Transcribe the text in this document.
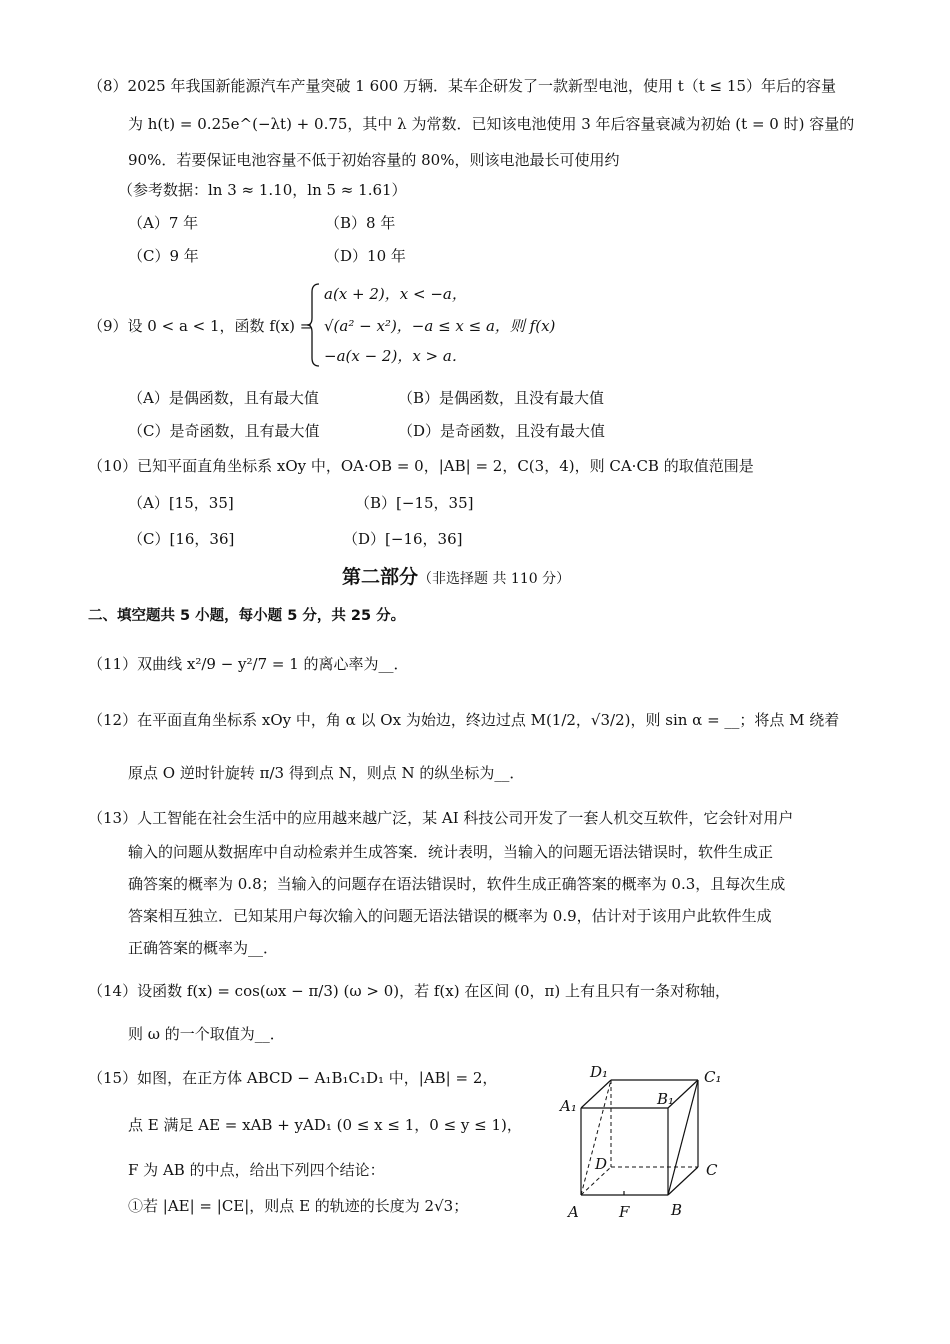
（8）2025 年我国新能源汽车产量突破 1 600 万辆．某车企研发了一款新型电池，使用 t（t ≤ 15）年后的容量
为 h(t) = 0.25e^(−λt) + 0.75，其中 λ 为常数．已知该电池使用 3 年后容量衰减为初始 (t = 0 时) 容量的
90%．若要保证电池容量不低于初始容量的 80%，则该电池最长可使用约
（参考数据：ln 3 ≈ 1.10，ln 5 ≈ 1.61）
（A）7 年	（B）8 年
（C）9 年	（D）10 年
（9）设 0 < a < 1，函数 f(x) =
a(x + 2)，x < −a，
√(a² − x²)，−a ≤ x ≤ a，则 f(x)
−a(x − 2)，x > a．
（A）是偶函数，且有最大值	（B）是偶函数，且没有最大值
（C）是奇函数，且有最大值	（D）是奇函数，且没有最大值
（10）已知平面直角坐标系 xOy 中，OA·OB = 0，|AB| = 2，C(3，4)，则 CA·CB 的取值范围是
（A）[15，35]	（B）[−15，35]
（C）[16，36]	（D）[−16，36]
第二部分（非选择题 共 110 分）
二、填空题共 5 小题，每小题 5 分，共 25 分。
（11）双曲线 x²/9 − y²/7 = 1 的离心率为__．
（12）在平面直角坐标系 xOy 中，角 α 以 Ox 为始边，终边过点 M(1/2，√3/2)，则 sin α = __；将点 M 绕着
原点 O 逆时针旋转 π/3 得到点 N，则点 N 的纵坐标为__．
（13）人工智能在社会生活中的应用越来越广泛，某 AI 科技公司开发了一套人机交互软件，它会针对用户
输入的问题从数据库中自动检索并生成答案．统计表明，当输入的问题无语法错误时，软件生成正
确答案的概率为 0.8；当输入的问题存在语法错误时，软件生成正确答案的概率为 0.3，且每次生成
答案相互独立．已知某用户每次输入的问题无语法错误的概率为 0.9，估计对于该用户此软件生成
正确答案的概率为__．
（14）设函数 f(x) = cos(ωx − π/3) (ω > 0)，若 f(x) 在区间 (0，π) 上有且只有一条对称轴，
则 ω 的一个取值为__．
（15）如图，在正方体 ABCD − A₁B₁C₁D₁ 中，|AB| = 2，
点 E 满足 AE = xAB + yAD₁ (0 ≤ x ≤ 1，0 ≤ y ≤ 1)，
F 为 AB 的中点，给出下列四个结论：
①若 |AE| = |CE|，则点 E 的轨迹的长度为 2√3；
D₁	C₁
A₁	B₁
D	C
A	F	B
